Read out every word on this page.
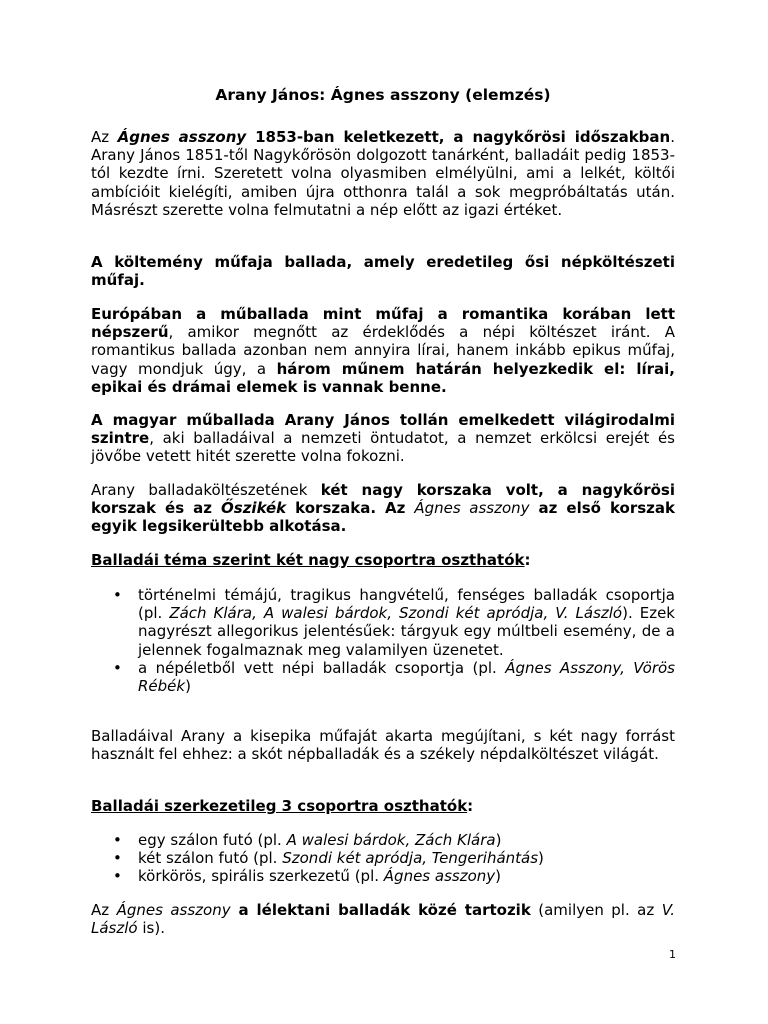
Arany János: Ágnes asszony (elemzés)

Az Ágnes asszony 1853-ban keletkezett, a nagykőrösi időszakban. Arany János 1851-től Nagykőrösön dolgozott tanárként, balladáit pedig 1853-tól kezdte írni. Szeretett volna olyasmiben elmélyülni, ami a lelkét, költői ambícióit kielégíti, amiben újra otthonra talál a sok megpróbáltatás után. Másrészt szerette volna felmutatni a nép előtt az igazi értéket.

A költemény műfaja ballada, amely eredetileg ősi népköltészeti műfaj.

Európában a műballada mint műfaj a romantika korában lett népszerű, amikor megnőtt az érdeklődés a népi költészet iránt. A romantikus ballada azonban nem annyira lírai, hanem inkább epikus műfaj, vagy mondjuk úgy, a három műnem határán helyezkedik el: lírai, epikai és drámai elemek is vannak benne.

A magyar műballada Arany János tollán emelkedett világirodalmi szintre, aki balladáival a nemzeti öntudatot, a nemzet erkölcsi erejét és jövőbe vetett hitét szerette volna fokozni.

Arany balladaköltészetének két nagy korszaka volt, a nagykőrösi korszak és az Őszikék korszaka. Az Ágnes asszony az első korszak egyik legsikerültebb alkotása.

Balladái téma szerint két nagy csoportra oszthatók:

• történelmi témájú, tragikus hangvételű, fenséges balladák csoportja (pl. Zách Klára, A walesi bárdok, Szondi két apródja, V. László). Ezek nagyrészt allegorikus jelentésűek: tárgyuk egy múltbeli esemény, de a jelennek fogalmaznak meg valamilyen üzenetet.
• a népéletből vett népi balladák csoportja (pl. Ágnes Asszony, Vörös Rébék)

Balladáival Arany a kisepika műfaját akarta megújítani, s két nagy forrást használt fel ehhez: a skót népballadák és a székely népdalköltészet világát.

Balladái szerkezetileg 3 csoportra oszthatók:

• egy szálon futó (pl. A walesi bárdok, Zách Klára)
• két szálon futó (pl. Szondi két apródja, Tengerihántás)
• körkörös, spirális szerkezetű (pl. Ágnes asszony)

Az Ágnes asszony a lélektani balladák közé tartozik (amilyen pl. az V. László is).

1
